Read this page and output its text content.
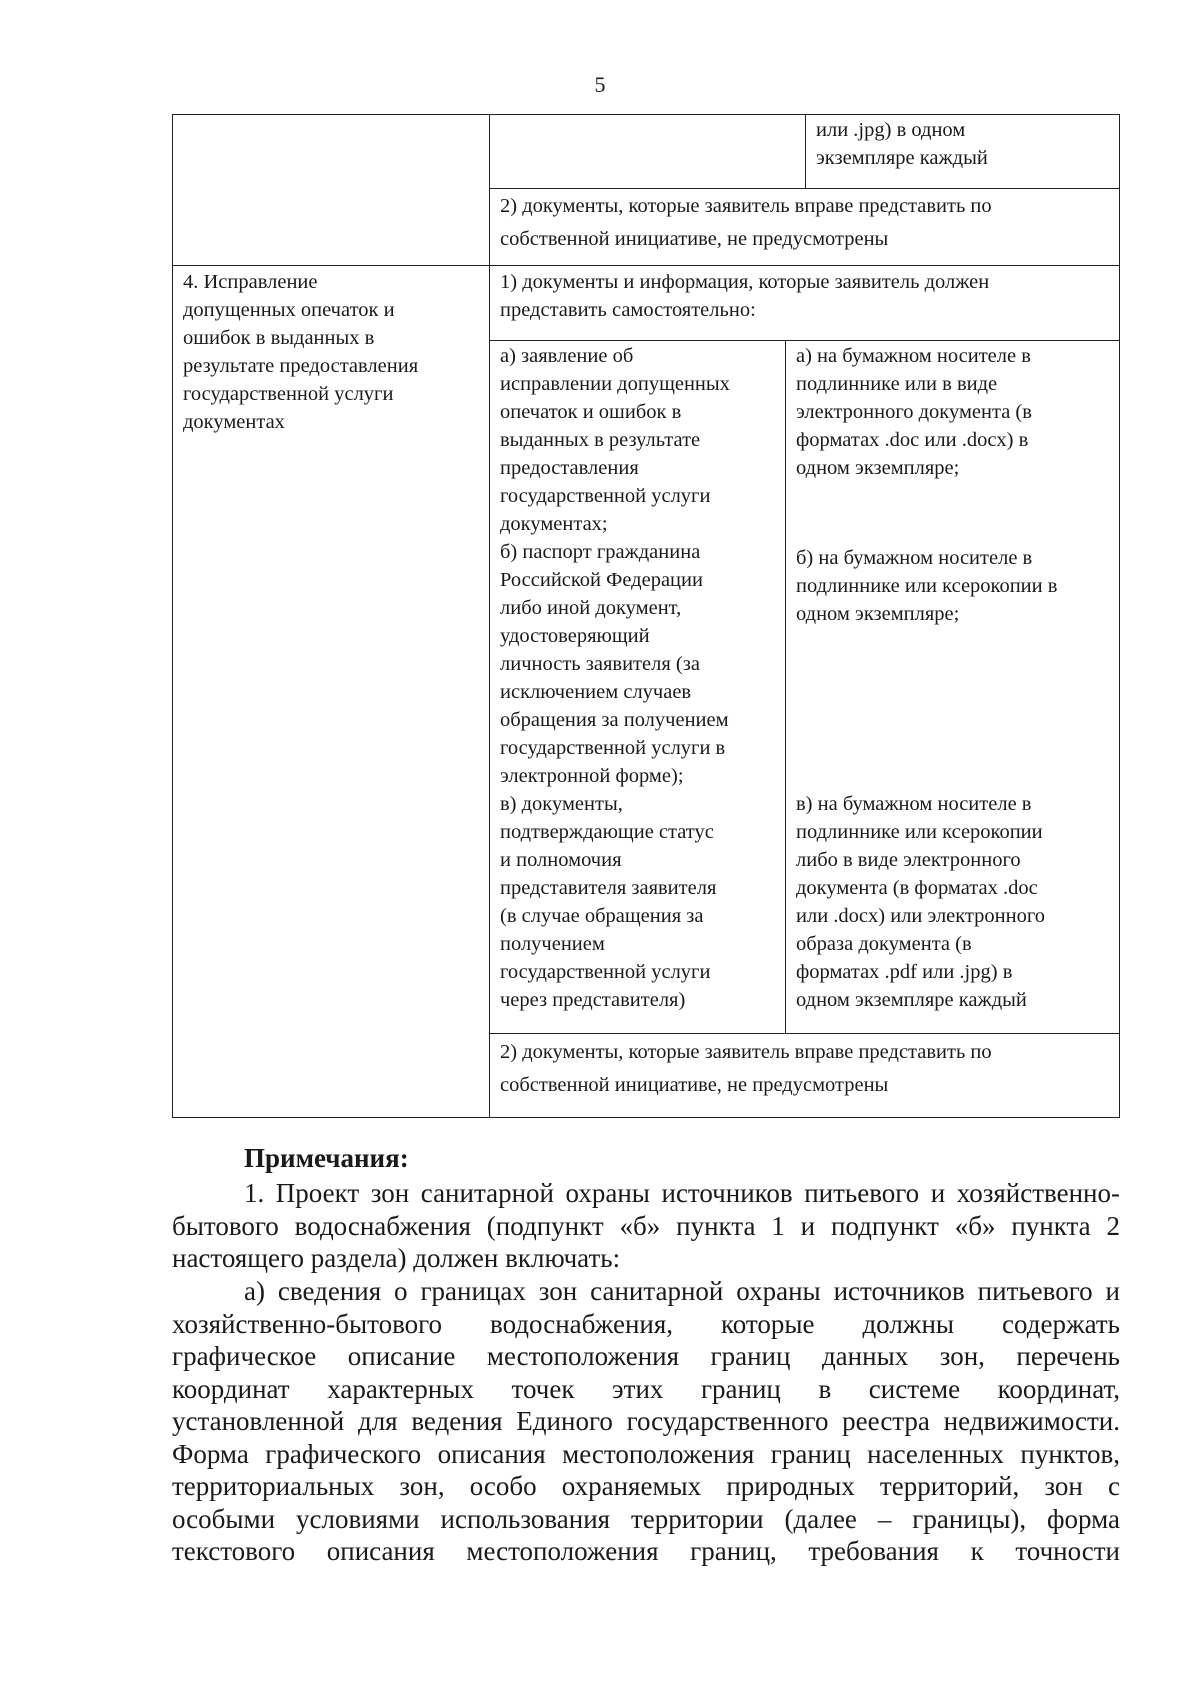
5
или .jpg) в одном
экземпляре каждый
2) документы, которые заявитель вправе представить по
собственной инициативе, не предусмотрены
4. Исправление
допущенных опечаток и
ошибок в выданных в
результате предоставления
государственной услуги
документах
1) документы и информация, которые заявитель должен
представить самостоятельно:
а) заявление об
исправлении допущенных
опечаток и ошибок в
выданных в результате
предоставления
государственной услуги
документах;
а) на бумажном носителе в
подлиннике или в виде
электронного документа (в
форматах .doc или .docx) в
одном экземпляре;
б) паспорт гражданина
Российской Федерации
либо иной документ,
удостоверяющий
личность заявителя (за
исключением случаев
обращения за получением
государственной услуги в
электронной форме);
б) на бумажном носителе в
подлиннике или ксерокопии в
одном экземпляре;
в) документы,
подтверждающие статус
и полномочия
представителя заявителя
(в случае обращения за
получением
государственной услуги
через представителя)
в) на бумажном носителе в
подлиннике или ксерокопии
либо в виде электронного
документа (в форматах .doc
или .docx) или электронного
образа документа (в
форматах .pdf или .jpg) в
одном экземпляре каждый
2) документы, которые заявитель вправе представить по
собственной инициативе, не предусмотрены
Примечания:
1. Проект зон санитарной охраны источников питьевого и хозяйственно-
бытового водоснабжения (подпункт «б» пункта 1 и подпункт «б» пункта 2
настоящего раздела) должен включать:
а) сведения о границах зон санитарной охраны источников питьевого и
хозяйственно-бытового водоснабжения, которые должны содержать
графическое описание местоположения границ данных зон, перечень
координат характерных точек этих границ в системе координат,
установленной для ведения Единого государственного реестра недвижимости.
Форма графического описания местоположения границ населенных пунктов,
территориальных зон, особо охраняемых природных территорий, зон с
особыми условиями использования территории (далее – границы), форма
текстового описания местоположения границ, требования к точности
